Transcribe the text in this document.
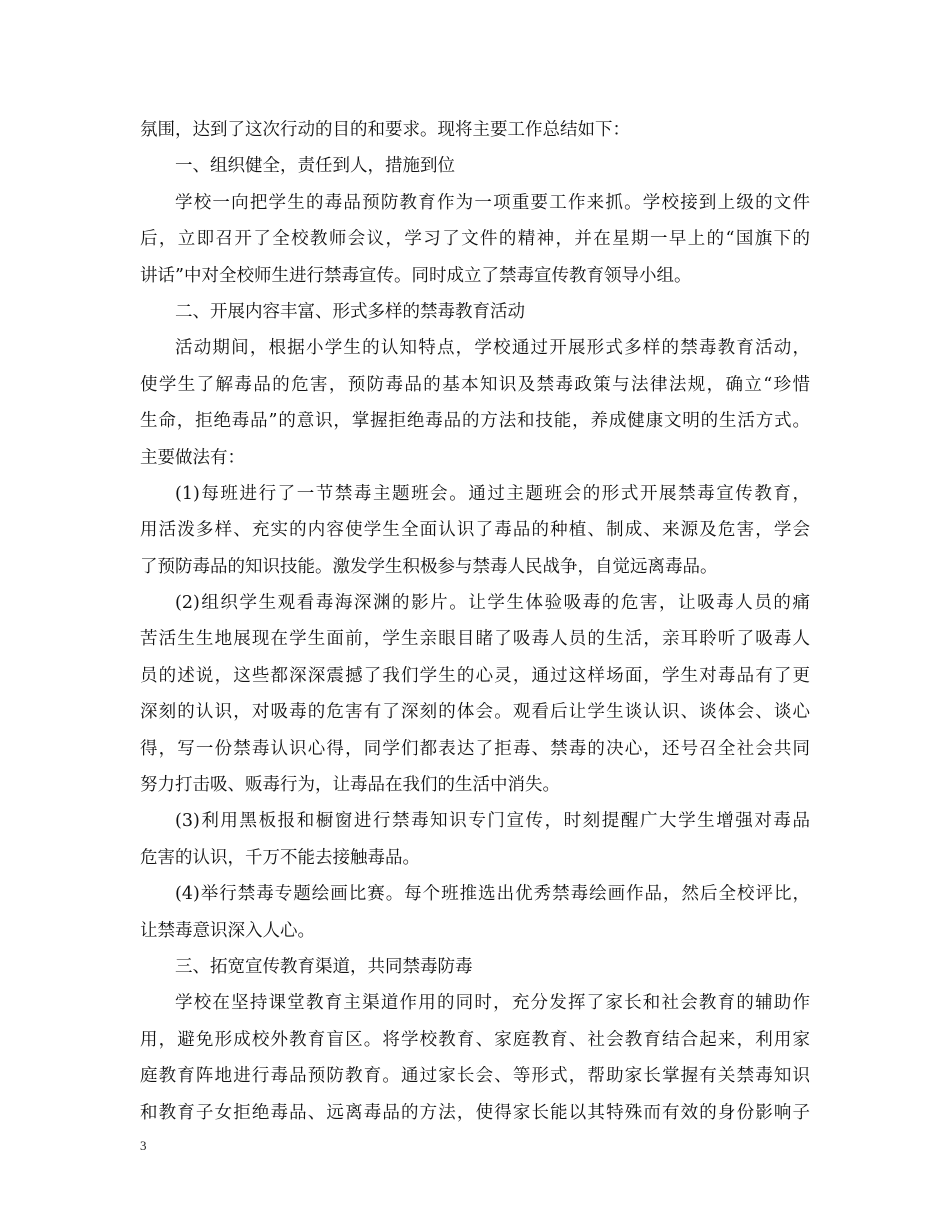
氛围，达到了这次行动的目的和要求。现将主要工作总结如下：
一、组织健全，责任到人，措施到位
学校一向把学生的毒品预防教育作为一项重要工作来抓。学校接到上级的文件
后，立即召开了全校教师会议，学习了文件的精神，并在星期一早上的“国旗下的
讲话”中对全校师生进行禁毒宣传。同时成立了禁毒宣传教育领导小组。
二、开展内容丰富、形式多样的禁毒教育活动
活动期间，根据小学生的认知特点，学校通过开展形式多样的禁毒教育活动，
使学生了解毒品的危害，预防毒品的基本知识及禁毒政策与法律法规，确立“珍惜
生命，拒绝毒品”的意识，掌握拒绝毒品的方法和技能，养成健康文明的生活方式。
主要做法有：
(1)每班进行了一节禁毒主题班会。通过主题班会的形式开展禁毒宣传教育，
用活泼多样、充实的内容使学生全面认识了毒品的种植、制成、来源及危害，学会
了预防毒品的知识技能。激发学生积极参与禁毒人民战争，自觉远离毒品。
(2)组织学生观看毒海深渊的影片。让学生体验吸毒的危害，让吸毒人员的痛
苦活生生地展现在学生面前，学生亲眼目睹了吸毒人员的生活，亲耳聆听了吸毒人
员的述说，这些都深深震撼了我们学生的心灵，通过这样场面，学生对毒品有了更
深刻的认识，对吸毒的危害有了深刻的体会。观看后让学生谈认识、谈体会、谈心
得，写一份禁毒认识心得，同学们都表达了拒毒、禁毒的决心，还号召全社会共同
努力打击吸、贩毒行为，让毒品在我们的生活中消失。
(3)利用黑板报和橱窗进行禁毒知识专门宣传，时刻提醒广大学生增强对毒品
危害的认识，千万不能去接触毒品。
(4)举行禁毒专题绘画比赛。每个班推选出优秀禁毒绘画作品，然后全校评比，
让禁毒意识深入人心。
三、拓宽宣传教育渠道，共同禁毒防毒
学校在坚持课堂教育主渠道作用的同时，充分发挥了家长和社会教育的辅助作
用，避免形成校外教育盲区。将学校教育、家庭教育、社会教育结合起来，利用家
庭教育阵地进行毒品预防教育。通过家长会、等形式，帮助家长掌握有关禁毒知识
和教育子女拒绝毒品、远离毒品的方法，使得家长能以其特殊而有效的身份影响子
3
